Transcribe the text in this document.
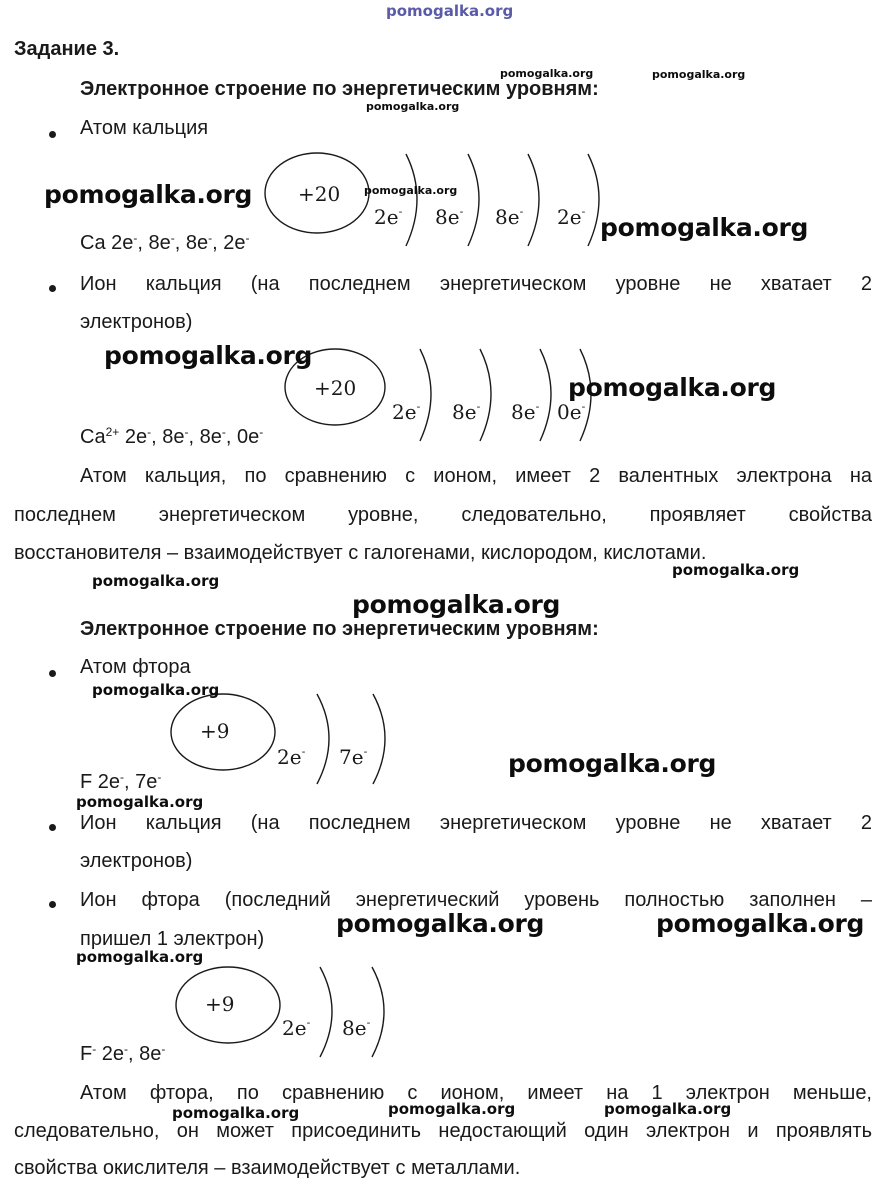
pomogalka.org
Задание 3.
Электронное строение по энергетическим уровням:
Атом кальция
+20
2e- 8e- 8e- 2e-
Ca 2e-, 8e-, 8e-, 2e-
Ион кальция (на последнем энергетическом уровне не хватает 2
электронов)
+20
2e- 8e- 8e- 0e-
$Ca^{2+}$ 2e-, 8e-, 8e-, 0e-
Атом кальция, по сравнению с ионом, имеет 2 валентных электрона на
последнем энергетическом уровне, следовательно, проявляет свойства
восстановителя – взаимодействует с галогенами, кислородом, кислотами.
Электронное строение по энергетическим уровням:
Атом фтора
+9
2e- 7e-
F 2e-, 7e-
Ион кальция (на последнем энергетическом уровне не хватает 2
электронов)
Ион фтора (последний энергетический уровень полностью заполнен –
пришел 1 электрон)
+9
2e- 8e-
F- 2e-, 8e-
Атом фтора, по сравнению с ионом, имеет на 1 электрон меньше,
следовательно, он может присоединить недостающий один электрон и проявлять
свойства окислителя – взаимодействует с металлами.
pomogalka.org	pomogalka.org
pomogalka.org
pomogalka.org	pomogalka.org
pomogalka.org
pomogalka.org
pomogalka.org
pomogalka.org
pomogalka.org
pomogalka.org
pomogalka.org
pomogalka.org
pomogalka.org
pomogalka.org	pomogalka.org
pomogalka.org
pomogalka.org	pomogalka.org	pomogalka.org
